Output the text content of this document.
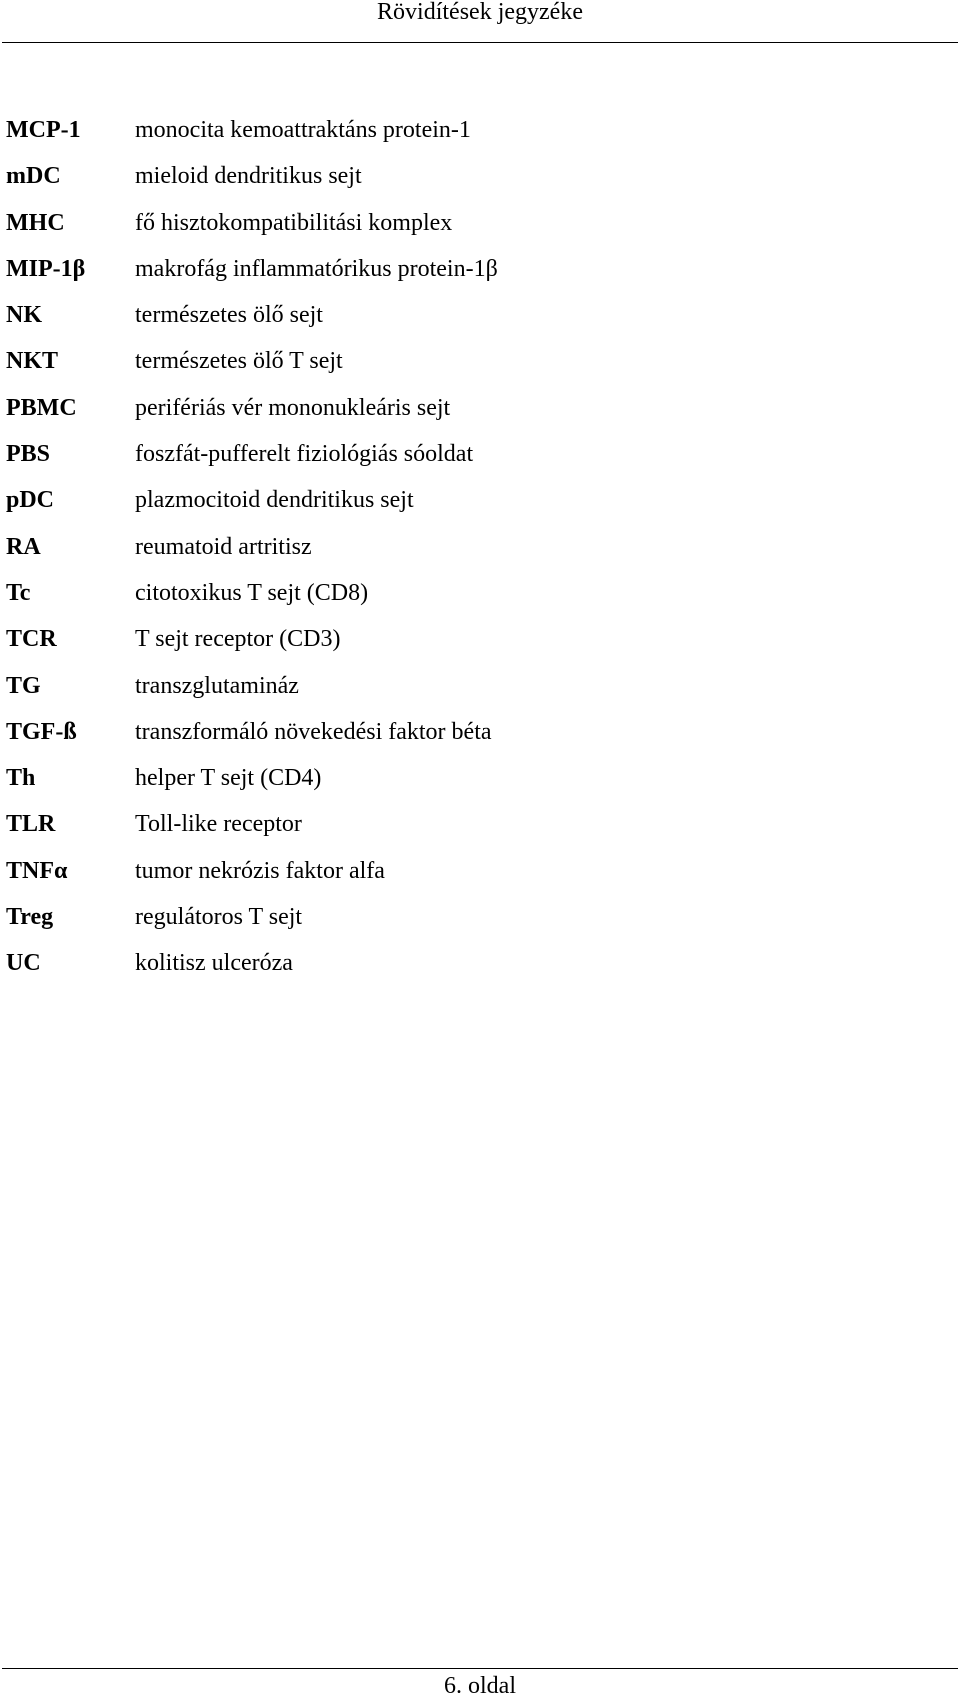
Rövidítések jegyzéke
MCP-1	monocita kemoattraktáns protein-1
mDC	mieloid dendritikus sejt
MHC	fő hisztokompatibilitási komplex
MIP-1β	makrofág inflammatórikus protein-1β
NK	természetes ölő sejt
NKT	természetes ölő T sejt
PBMC	perifériás vér mononukleáris sejt
PBS	foszfát-pufferelt fiziológiás sóoldat
pDC	plazmocitoid dendritikus sejt
RA	reumatoid artritisz
Tc	citotoxikus T sejt (CD8)
TCR	T sejt receptor (CD3)
TG	transzglutamináz
TGF-ß	transzformáló növekedési faktor béta
Th	helper T sejt (CD4)
TLR	Toll-like receptor
TNFα	tumor nekrózis faktor alfa
Treg	regulátoros T sejt
UC	kolitisz ulceróza
6. oldal
